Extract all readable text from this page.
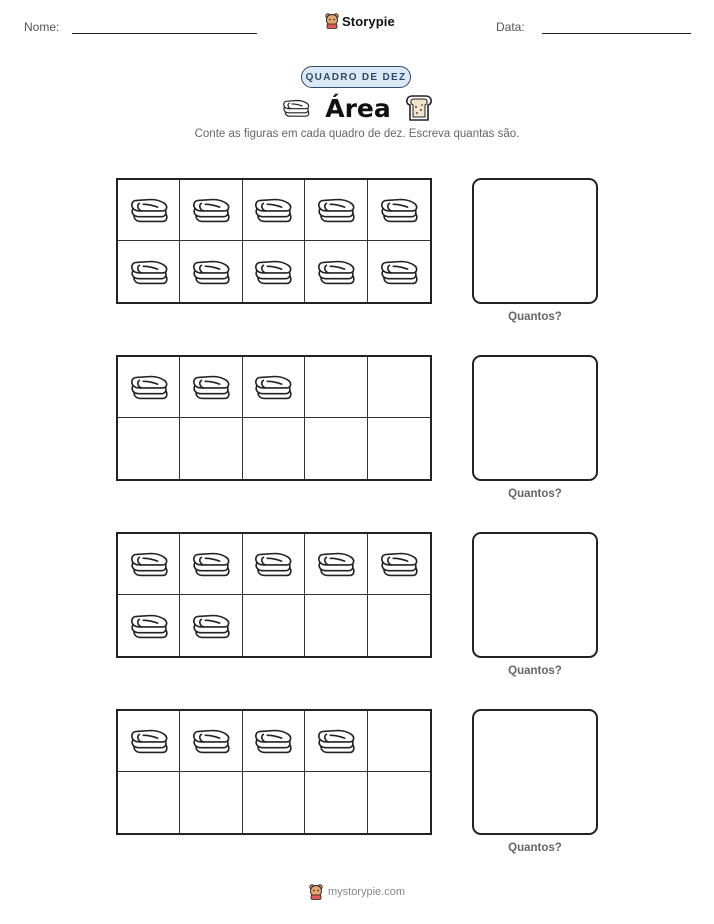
Nome:	Storypie	Data:
QUADRO DE DEZ
Área
Conte as figuras em cada quadro de dez. Escreva quantas são.
Quantos?
Quantos?
Quantos?
Quantos?
mystorypie.com
